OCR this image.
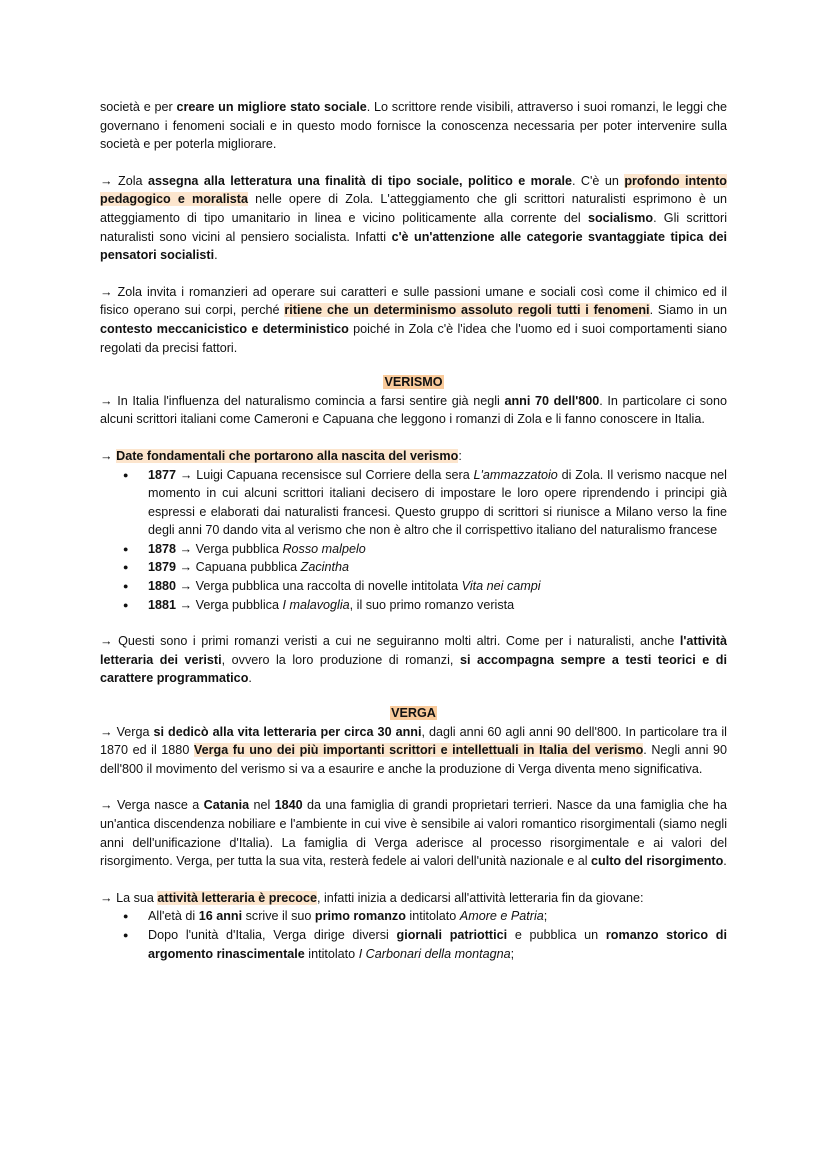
società e per creare un migliore stato sociale. Lo scrittore rende visibili, attraverso i suoi romanzi, le leggi che governano i fenomeni sociali e in questo modo fornisce la conoscenza necessaria per poter intervenire sulla società e per poterla migliorare.

→ Zola assegna alla letteratura una finalità di tipo sociale, politico e morale. C'è un profondo intento pedagogico e moralista nelle opere di Zola. L'atteggiamento che gli scrittori naturalisti esprimono è un atteggiamento di tipo umanitario in linea e vicino politicamente alla corrente del socialismo. Gli scrittori naturalisti sono vicini al pensiero socialista. Infatti c'è un'attenzione alle categorie svantaggiate tipica dei pensatori socialisti.

→ Zola invita i romanzieri ad operare sui caratteri e sulle passioni umane e sociali così come il chimico ed il fisico operano sui corpi, perché ritiene che un determinismo assoluto regoli tutti i fenomeni. Siamo in un contesto meccanicistico e deterministico poiché in Zola c'è l'idea che l'uomo ed i suoi comportamenti siano regolati da precisi fattori.

VERISMO

→ In Italia l'influenza del naturalismo comincia a farsi sentire già negli anni 70 dell'800. In particolare ci sono alcuni scrittori italiani come Cameroni e Capuana che leggono i romanzi di Zola e li fanno conoscere in Italia.

→ Date fondamentali che portarono alla nascita del verismo:

● 1877 → Luigi Capuana recensisce sul Corriere della sera L'ammazzatoio di Zola. Il verismo nacque nel momento in cui alcuni scrittori italiani decisero di impostare le loro opere riprendendo i principi già espressi e elaborati dai naturalisti francesi. Questo gruppo di scrittori si riunisce a Milano verso la fine degli anni 70 dando vita al verismo che non è altro che il corrispettivo italiano del naturalismo francese
● 1878 → Verga pubblica Rosso malpelo
● 1879 → Capuana pubblica Zacintha
● 1880 → Verga pubblica una raccolta di novelle intitolata Vita nei campi
● 1881 → Verga pubblica I malavoglia, il suo primo romanzo verista

→ Questi sono i primi romanzi veristi a cui ne seguiranno molti altri. Come per i naturalisti, anche l'attività letteraria dei veristi, ovvero la loro produzione di romanzi, si accompagna sempre a testi teorici e di carattere programmatico.

VERGA

→ Verga si dedicò alla vita letteraria per circa 30 anni, dagli anni 60 agli anni 90 dell'800. In particolare tra il 1870 ed il 1880 Verga fu uno dei più importanti scrittori e intellettuali in Italia del verismo. Negli anni 90 dell'800 il movimento del verismo si va a esaurire e anche la produzione di Verga diventa meno significativa.

→ Verga nasce a Catania nel 1840 da una famiglia di grandi proprietari terrieri. Nasce da una famiglia che ha un'antica discendenza nobiliare e l'ambiente in cui vive è sensibile ai valori romantico risorgimentali (siamo negli anni dell'unificazione d'Italia). La famiglia di Verga aderisce al processo risorgimentale e ai valori del risorgimento. Verga, per tutta la sua vita, resterà fedele ai valori dell'unità nazionale e al culto del risorgimento.

→ La sua attività letteraria è precoce, infatti inizia a dedicarsi all'attività letteraria fin da giovane:

● All'età di 16 anni scrive il suo primo romanzo intitolato Amore e Patria;
● Dopo l'unità d'Italia, Verga dirige diversi giornali patriottici e pubblica un romanzo storico di argomento rinascimentale intitolato I Carbonari della montagna;
